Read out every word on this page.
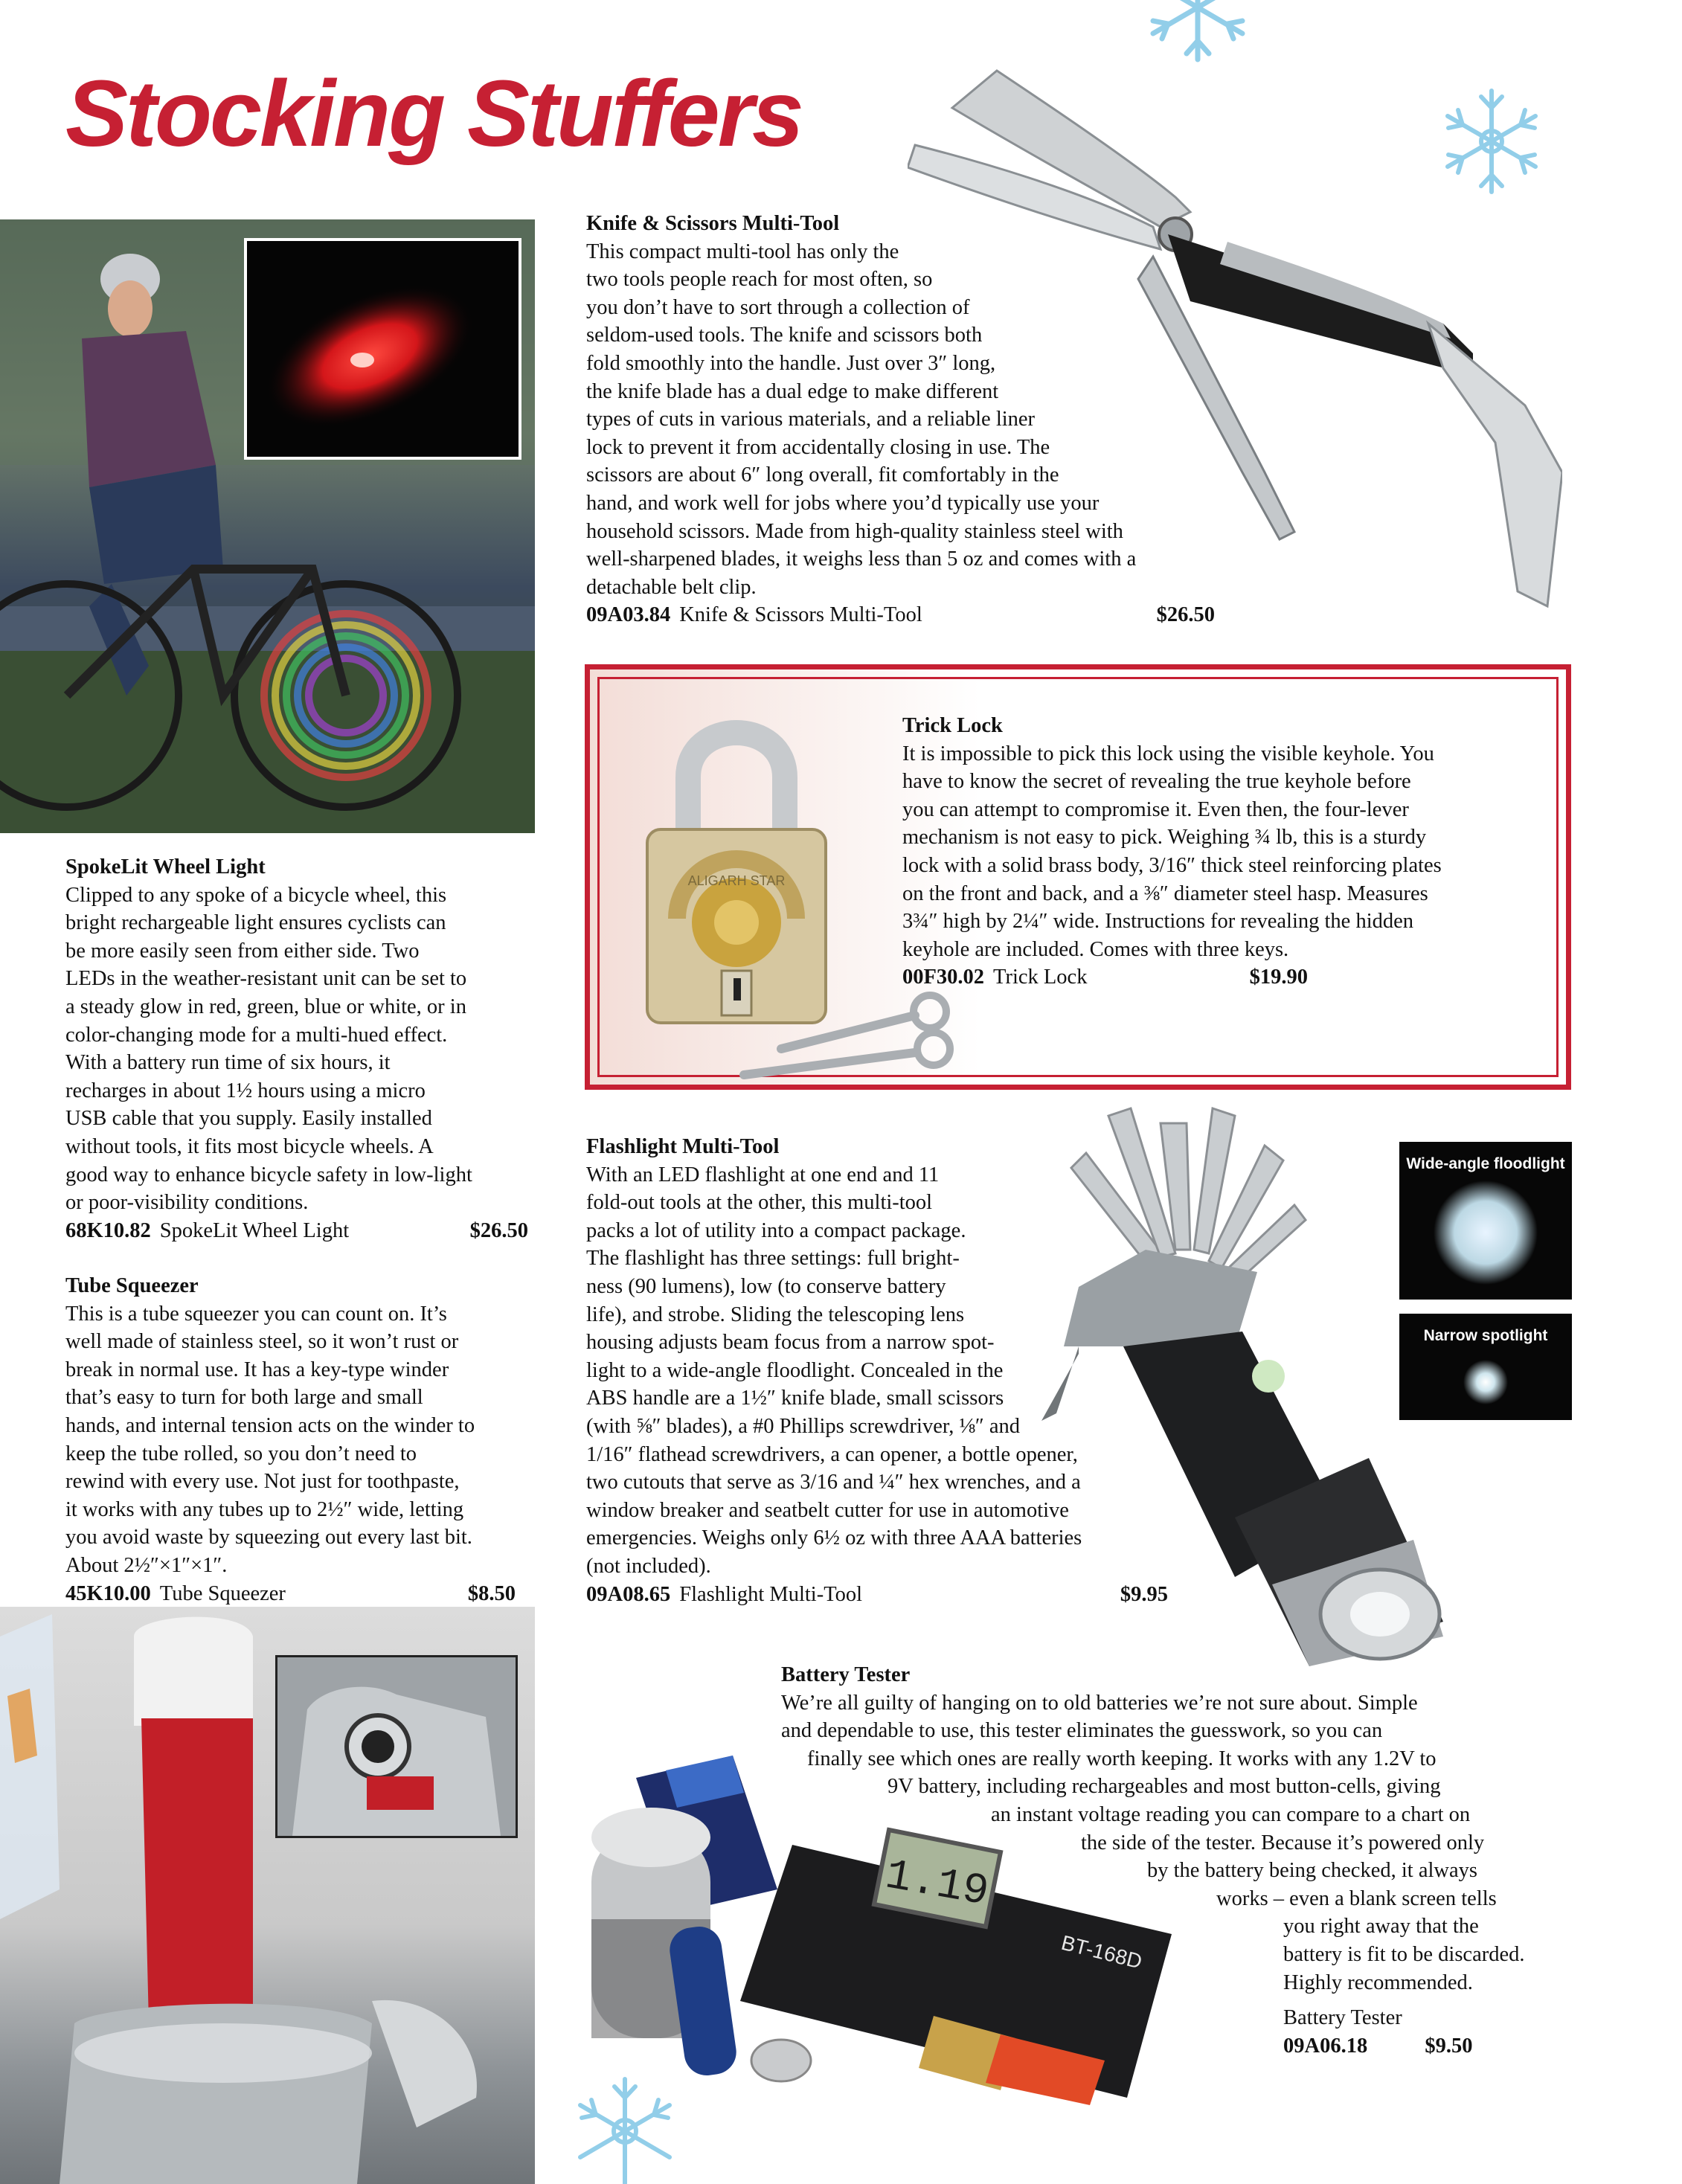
Stocking Stuffers

Knife & Scissors Multi-Tool

This compact multi-tool has only the

two tools people reach for most often, so

you don’t have to sort through a collection of

seldom-used tools. The knife and scissors both

fold smoothly into the handle. Just over 3″ long,

the knife blade has a dual edge to make different

types of cuts in various materials, and a reliable liner

lock to prevent it from accidentally closing in use. The

scissors are about 6″ long overall, fit comfortably in the

hand, and work well for jobs where you’d typically use your

household scissors. Made from high-quality stainless steel with

well-sharpened blades, it weighs less than 5 oz and comes with a

detachable belt clip.

09A03.84 Knife & Scissors Multi-Tool	$26.50
ALIGARH STAR

Trick Lock

It is impossible to pick this lock using the visible keyhole. You

have to know the secret of revealing the true keyhole before

you can attempt to compromise it. Even then, the four-lever

mechanism is not easy to pick. Weighing ¾ lb, this is a sturdy

lock with a solid brass body, 3/16″ thick steel reinforcing plates

on the front and back, and a ⅜″ diameter steel hasp. Measures

3¾″ high by 2¼″ wide. Instructions for revealing the hidden

keyhole are included. Comes with three keys.

00F30.02 Trick Lock	$19.90

SpokeLit Wheel Light

Clipped to any spoke of a bicycle wheel, this

bright rechargeable light ensures cyclists can

be more easily seen from either side. Two

LEDs in the weather-resistant unit can be set to

a steady glow in red, green, blue or white, or in

color-changing mode for a multi-hued effect.

With a battery run time of six hours, it

recharges in about 1½ hours using a micro

USB cable that you supply. Easily installed

without tools, it fits most bicycle wheels. A

good way to enhance bicycle safety in low-light

or poor-visibility conditions.

68K10.82 SpokeLit Wheel Light	$26.50

Tube Squeezer

This is a tube squeezer you can count on. It’s

well made of stainless steel, so it won’t rust or

break in normal use. It has a key-type winder

that’s easy to turn for both large and small

hands, and internal tension acts on the winder to

keep the tube rolled, so you don’t need to

rewind with every use. Not just for toothpaste,

it works with any tubes up to 2½″ wide, letting

you avoid waste by squeezing out every last bit.

About 2½″×1″×1″.

45K10.00 Tube Squeezer	$8.50

Flashlight Multi-Tool

With an LED flashlight at one end and 11

fold-out tools at the other, this multi-tool

packs a lot of utility into a compact package.

The flashlight has three settings: full bright-

ness (90 lumens), low (to conserve battery

life), and strobe. Sliding the telescoping lens

housing adjusts beam focus from a narrow spot-

light to a wide-angle floodlight. Concealed in the

ABS handle are a 1½″ knife blade, small scissors

(with ⅝″ blades), a #0 Phillips screwdriver, ⅛″ and

1/16″ flathead screwdrivers, a can opener, a bottle opener,

two cutouts that serve as 3/16 and ¼″ hex wrenches, and a

window breaker and seatbelt cutter for use in automotive

emergencies. Weighs only 6½ oz with three AAA batteries

(not included).

09A08.65 Flashlight Multi-Tool	$9.95
Wide-angle floodlight
Narrow spotlight

Battery Tester

We’re all guilty of hanging on to old batteries we’re not sure about. Simple

and dependable to use, this tester eliminates the guesswork, so you can

finally see which ones are really worth keeping. It works with any 1.2V to

9V battery, including rechargeables and most button-cells, giving

an instant voltage reading you can compare to a chart on

the side of the tester. Because it’s powered only

by the battery being checked, it always

works – even a blank screen tells

you right away that the

battery is fit to be discarded.

Highly recommended.

Battery Tester

09A06.18	$9.50

1.19
BT-168D
